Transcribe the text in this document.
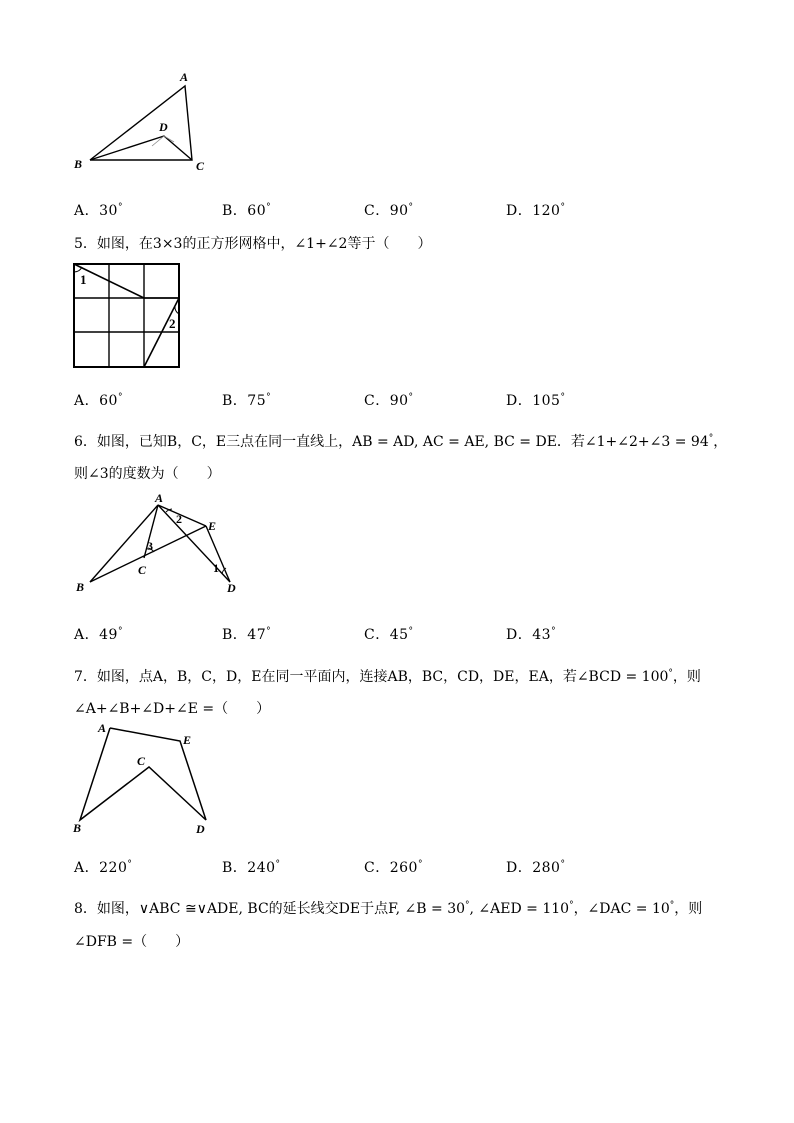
A
B	C
D
A．30°	B．60°	C．90°	D．120°
5．如图，在3×3的正方形网格中，∠1+∠2等于（　　）
1
2
A．60°	B．75°	C．90°	D．105°
6．如图，已知B，C，E三点在同一直线上，AB = AD, AC = AE, BC = DE．若∠1+∠2+∠3 = 94°，
则∠3的度数为（　　）
A
B
C
D
E
1
2
3
A．49°	B．47°	C．45°	D．43°
7．如图，点A，B，C，D，E在同一平面内，连接AB，BC，CD，DE，EA，若∠BCD = 100°，则
∠A+∠B+∠D+∠E =（　　）
A
B
C
D
E
A．220°	B．240°	C．260°	D．280°
8．如图，∨ABC ≅∨ADE, BC的延长线交DE于点F, ∠B = 30°, ∠AED = 110°，∠DAC = 10°，则
∠DFB =（　　）
